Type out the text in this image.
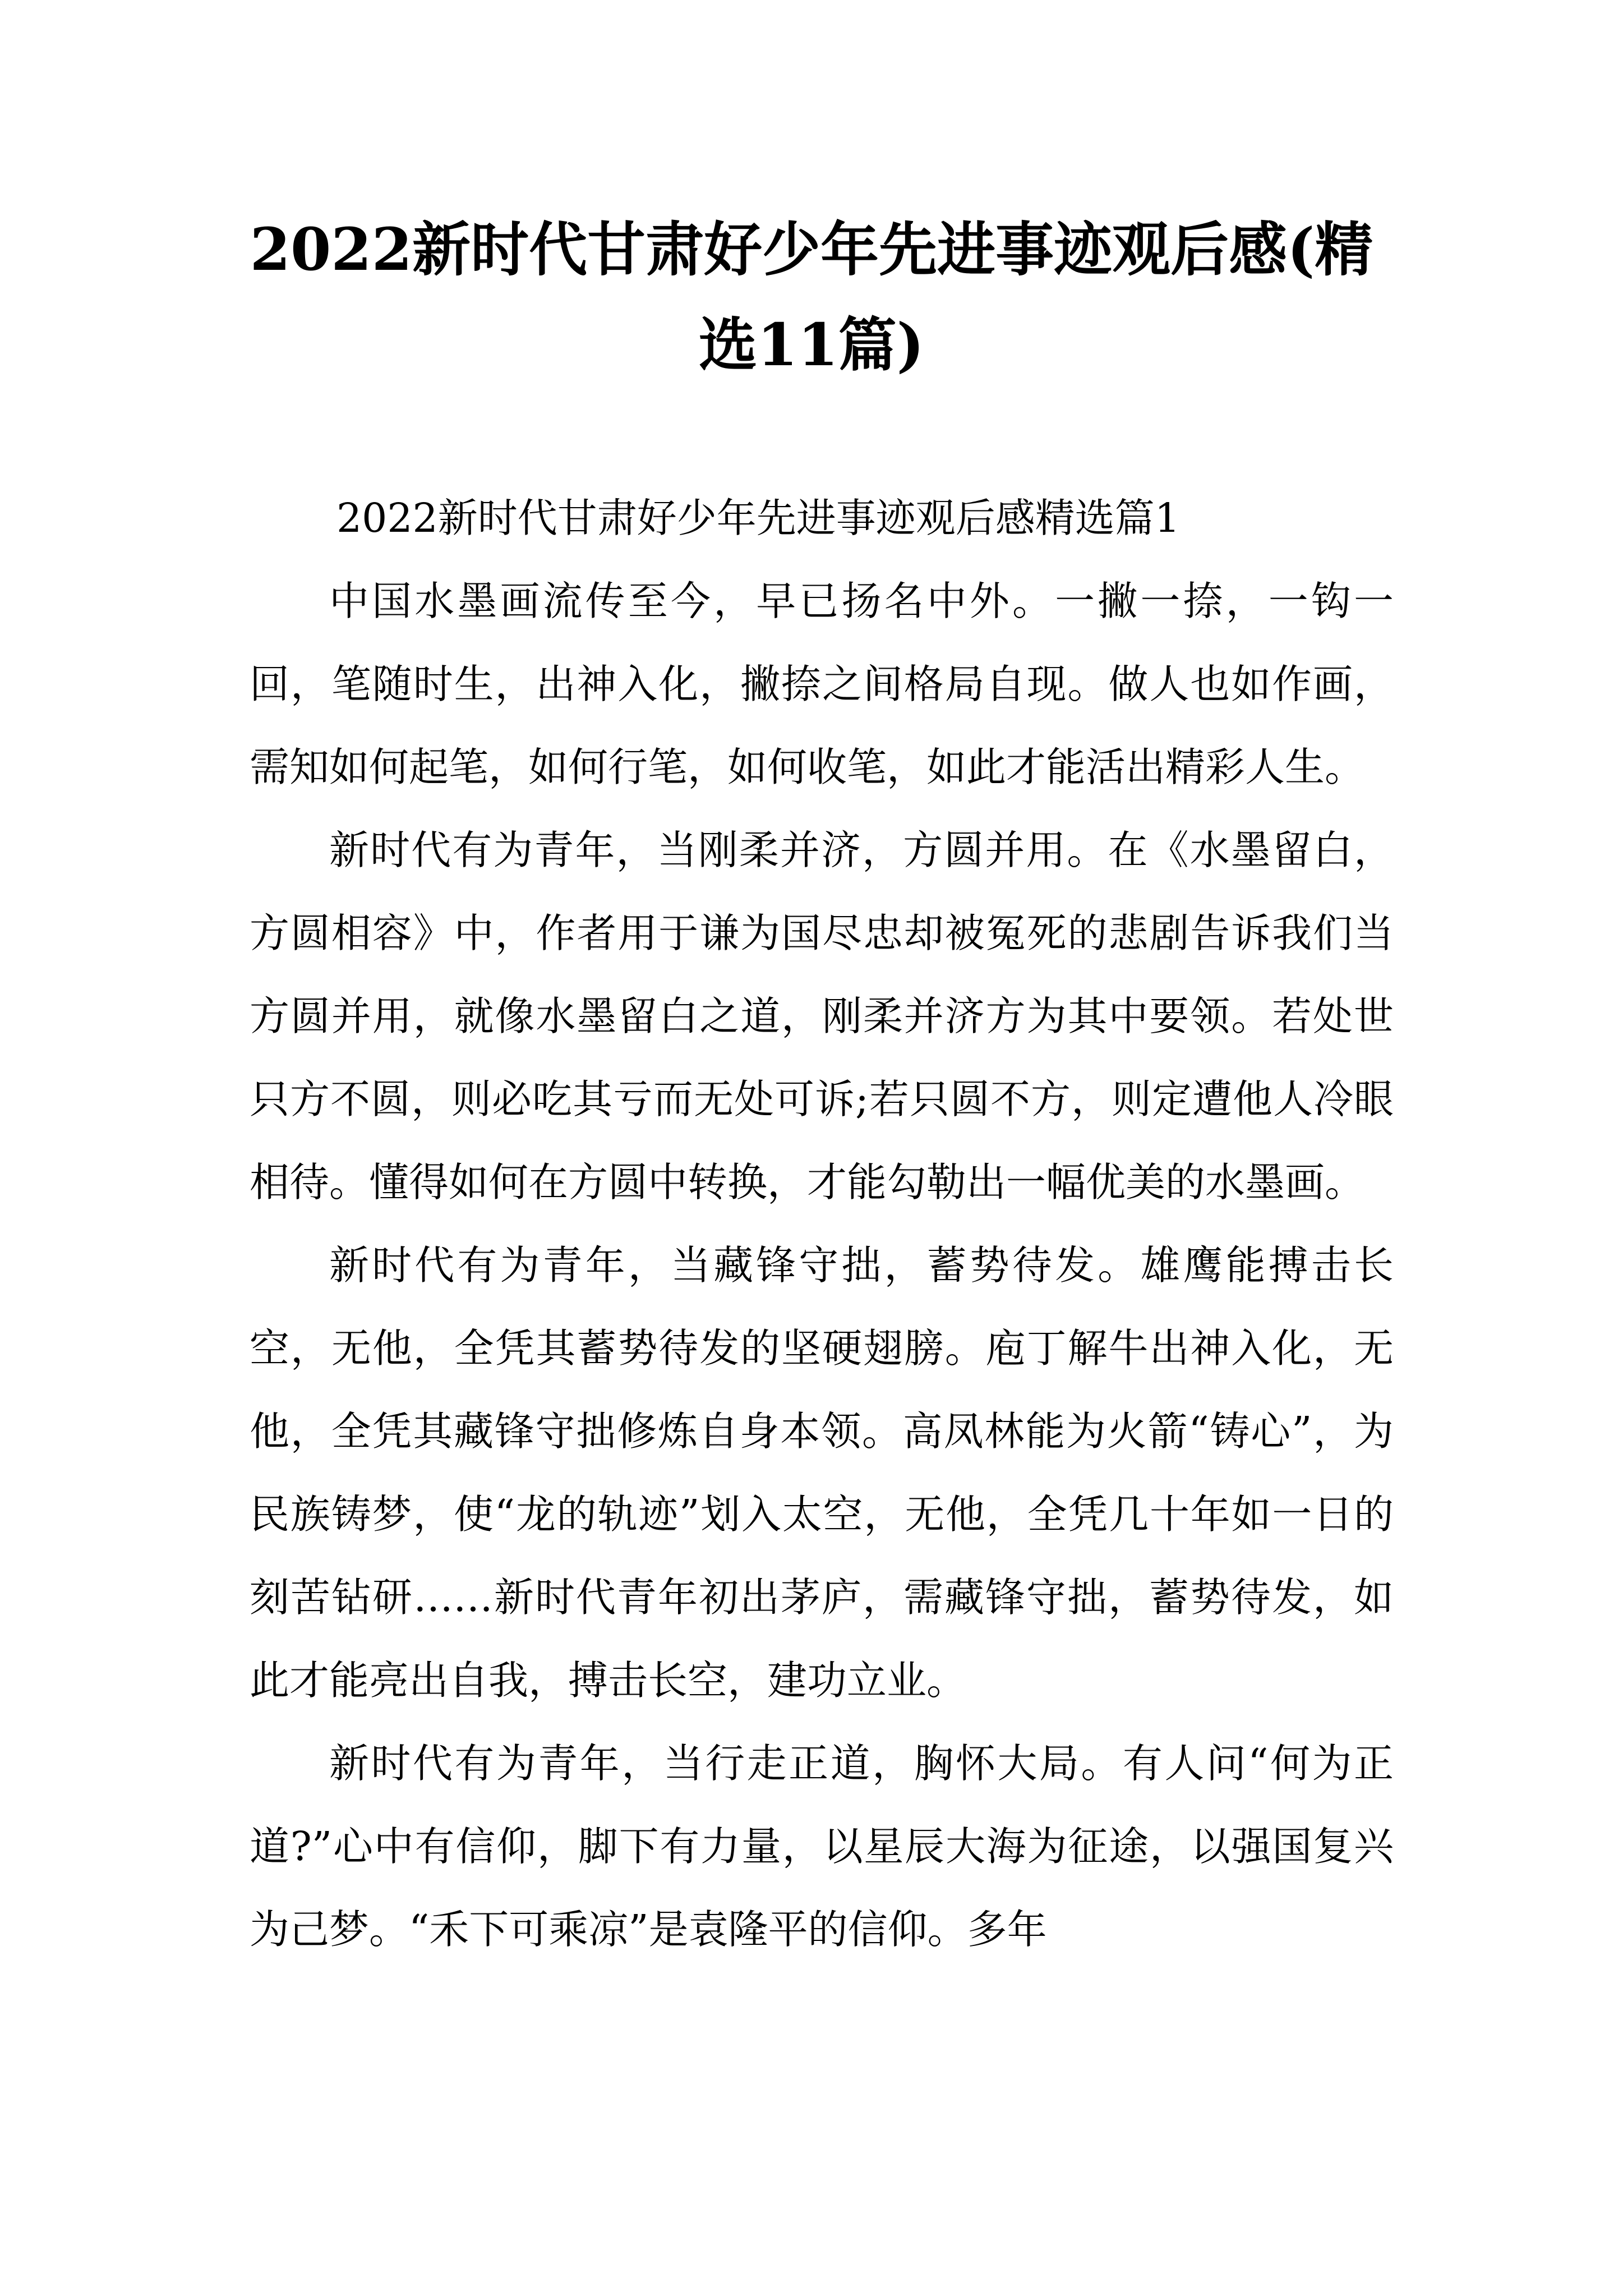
2022新时代甘肃好少年先进事迹观后感(精选11篇)

2022新时代甘肃好少年先进事迹观后感精选篇1

中国水墨画流传至今，早已扬名中外。一撇一捺，一钩一回，笔随时生，出神入化，撇捺之间格局自现。做人也如作画，需知如何起笔，如何行笔，如何收笔，如此才能活出精彩人生。

新时代有为青年，当刚柔并济，方圆并用。在《水墨留白，方圆相容》中，作者用于谦为国尽忠却被冤死的悲剧告诉我们当方圆并用，就像水墨留白之道，刚柔并济方为其中要领。若处世只方不圆，则必吃其亏而无处可诉;若只圆不方，则定遭他人冷眼相待。懂得如何在方圆中转换，才能勾勒出一幅优美的水墨画。

新时代有为青年，当藏锋守拙，蓄势待发。雄鹰能搏击长空，无他，全凭其蓄势待发的坚硬翅膀。庖丁解牛出神入化，无他，全凭其藏锋守拙修炼自身本领。高凤林能为火箭“铸心”，为民族铸梦，使“龙的轨迹”划入太空，无他，全凭几十年如一日的刻苦钻研……新时代青年初出茅庐，需藏锋守拙，蓄势待发，如此才能亮出自我，搏击长空，建功立业。

新时代有为青年，当行走正道，胸怀大局。有人问“何为正道?”心中有信仰，脚下有力量，以星辰大海为征途，以强国复兴为己梦。“禾下可乘凉”是袁隆平的信仰。多年
